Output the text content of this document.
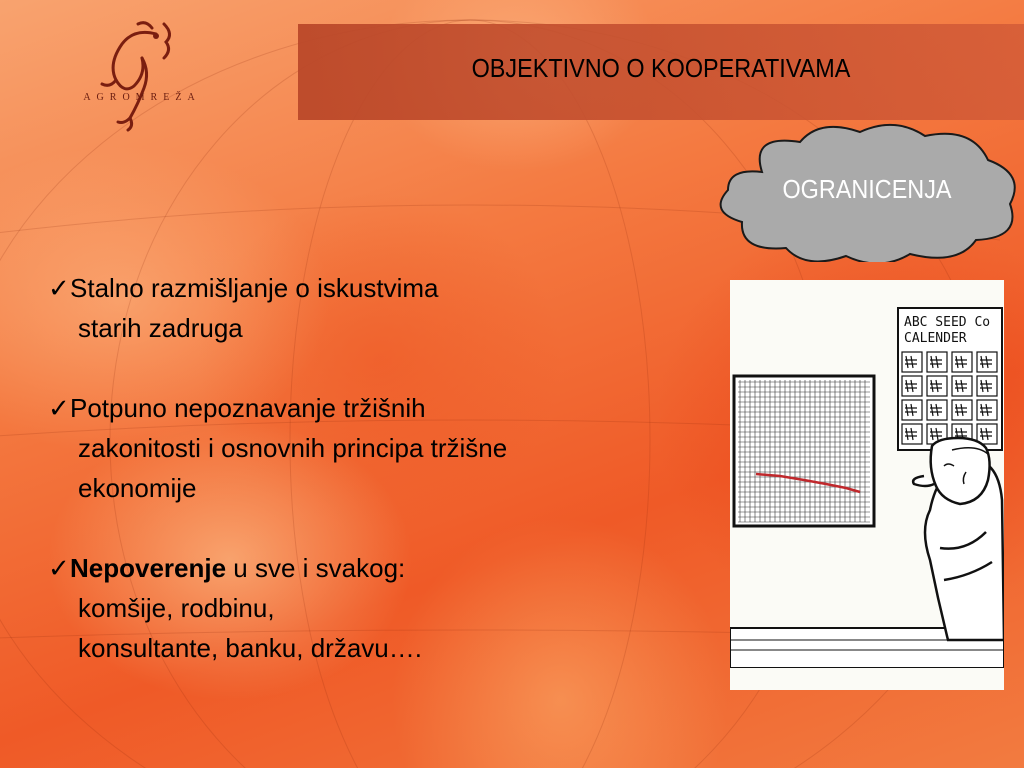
AGROMREŽA
OBJEKTIVNO O KOOPERATIVAMA
OGRANICENJA
✓ Stalno razmišljanje o iskustvima
starih zadruga
✓ Potpuno nepoznavanje tržišnih
zakonitosti i osnovnih principa tržišne
ekonomije
✓ Nepoverenje u sve i svakog:
komšije, rodbinu,
konsultante, banku, državu….
ABC SEED Co
CALENDER
